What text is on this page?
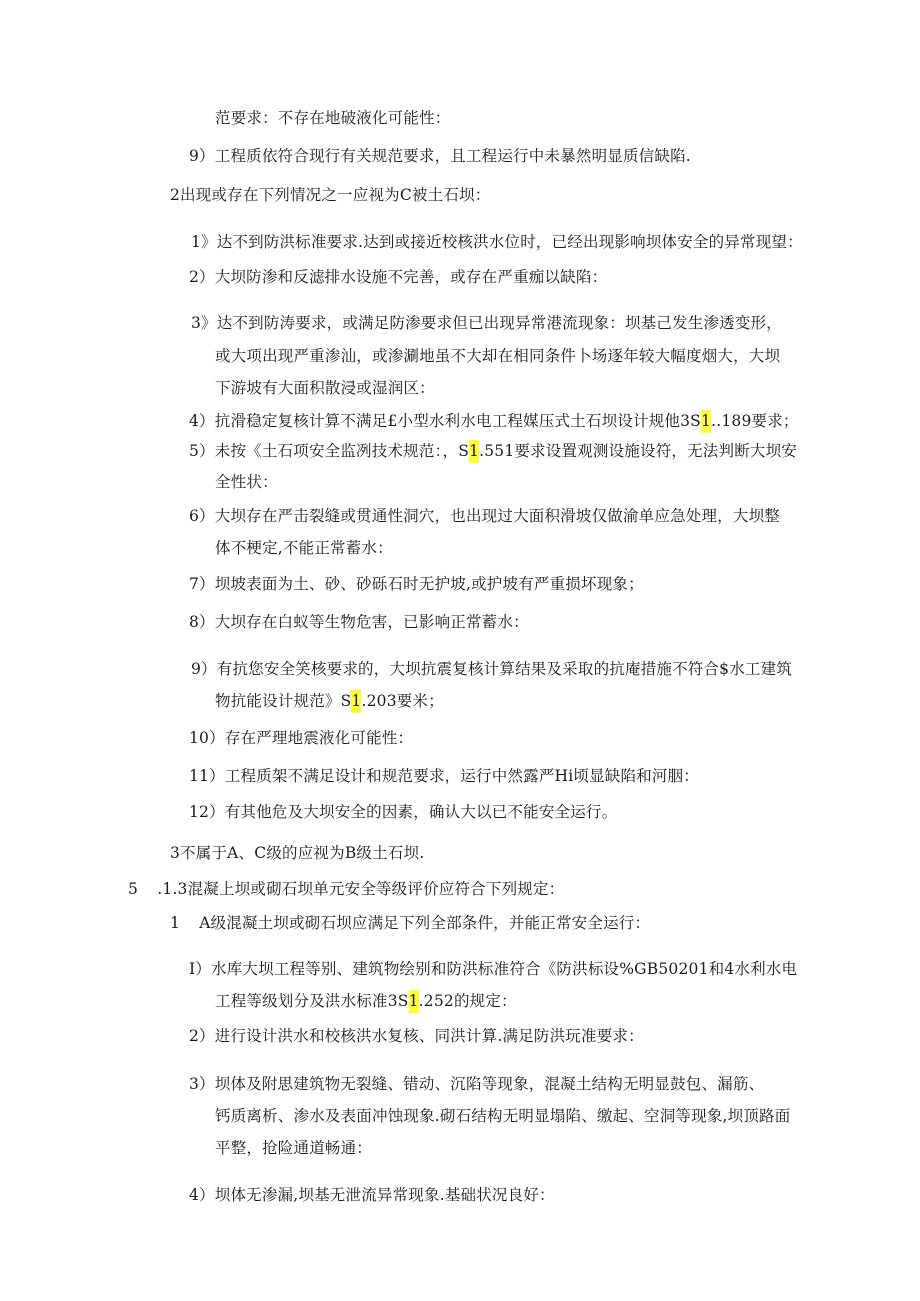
范要求：不存在地破液化可能性：
9）工程质依符合现行有关规范要求，且工程运行中未暴然明显质信缺陷.
2出现或存在下列情况之一应视为C被土石坝：
1》达不到防洪标准要求.达到或接近校核洪水位时，已经出现影响坝体安全的异常现望：
2）大坝防渗和反滤排水设施不完善，或存在严重痂以缺陷：
3》达不到防涛要求，或满足防渗要求但已出现异常港流现象：坝基己发生渗透变形，
或大项出现严重渗汕，或渗涮地虽不大却在相同条件卜场逐年较大幅度烟大，大坝
下游坡有大面积散浸或湿润区：
4）抗滑稳定复核计算不满足£小型水利水电工程媒压式土石坝设计规他3S1..189要求；
5）未按《土石项安全监冽技术规范：，S1.551要求设置观测设施设符，无法判断大坝安
全性状：
6）大坝存在严击裂缝或贯通性洞穴，也出现过大面积滑坡仅做渝单应急处理，大坝整
体不梗定,不能正常蓄水：
7）坝坡表面为土、砂、砂砾石时无护坡,或护坡有严重损坏现象；
8）大坝存在白蚁等生物危害，已影响正常蓄水：
9）有抗您安全笑核要求的，大坝抗震复核计算结果及采取的抗庵措施不符合$水工建筑
物抗能设计规范》S1.203要米；
10）存在严理地震液化可能性：
11）工程质架不满足设计和规范要求，运行中然露严Hi顷显缺陷和河胭：
12）有其他危及大坝安全的因素，确认大以已不能安全运行。
3不属于A、C级的应视为B级土石坝.
5 .1.3混凝上坝或砌石坝单元安全等级评价应符合下列规定：
1 A级混凝土坝或砌石坝应满足下列全部条件，并能正常安全运行：
I）水库大坝工程等别、建筑物绘别和防洪标准符合《防洪标设%GB50201和4水利水电
工程等级划分及洪水标准3S1.252的规定：
2）进行设计洪水和校核洪水复核、同洪计算.满足防洪玩准要求：
3）坝体及附思建筑物无裂缝、错动、沉陷等现象，混凝土结构无明显鼓包、漏筋、
钙质离析、渗水及表面冲蚀现象.砌石结构无明显塌陷、缴起、空洞等现象,坝顶路面
平整，抢险通道畅通：
4）坝体无渗漏,坝基无泄流异常现象.基础状况良好：
